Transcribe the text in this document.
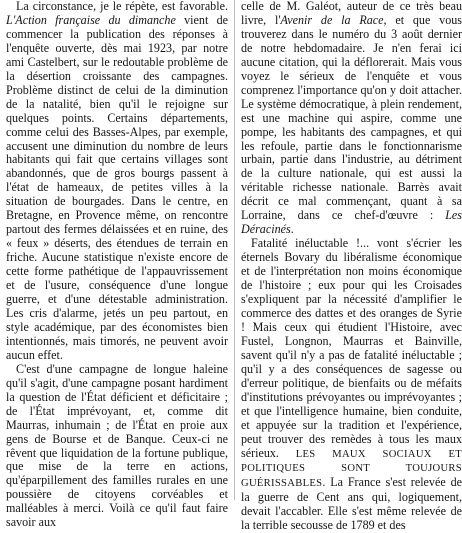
La circonstance, je le répète, est favorable. L'Action française du dimanche vient de commencer la publication des réponses à l'enquête ouverte, dès mai 1923, par notre ami Castelbert, sur le redoutable problème de la désertion croissante des campagnes. Problème distinct de celui de la diminution de la natalité, bien qu'il le rejoigne sur quelques points. Certains départements, comme celui des Basses-Alpes, par exemple, accusent une diminution du nombre de leurs habitants qui fait que certains villages sont abandonnés, que de gros bourgs passent à l'état de hameaux, de petites villes à la situation de bourgades. Dans le centre, en Bretagne, en Provence même, on rencontre partout des fermes délaissées et en ruine, des « feux » déserts, des étendues de terrain en friche. Aucune statistique n'existe encore de cette forme pathétique de l'appauvrissement et de l'usure, conséquence d'une longue guerre, et d'une détestable administration. Les cris d'alarme, jetés un peu partout, en style académique, par des économistes bien intentionnés, mais timorés, ne peuvent avoir aucun effet.

C'est d'une campagne de longue haleine qu'il s'agit, d'une campagne posant hardiment la question de l'État déficient et déficitaire ; de l'État imprévoyant, et, comme dit Maurras, inhumain ; de l'État en proie aux gens de Bourse et de Banque. Ceux-ci ne rêvent que liquidation de la fortune publique, que mise de la terre en actions, qu'éparpillement des familles rurales en une poussière de citoyens corvéables et malléables à merci. Voilà ce qu'il faut faire savoir aux

celle de M. Galéot, auteur de ce très beau livre, l'Avenir de la Race, et que vous trouverez dans le numéro du 3 août dernier de notre hebdomadaire. Je n'en ferai ici aucune citation, qui la déflorerait. Mais vous voyez le sérieux de l'enquête et vous comprenez l'importance qu'on y doit attacher. Le système démocratique, à plein rendement, est une machine qui aspire, comme une pompe, les habitants des campagnes, et qui les refoule, partie dans le fonctionnarisme urbain, partie dans l'industrie, au détriment de la culture nationale, qui est aussi la véritable richesse nationale. Barrès avait décrit ce mal commençant, quant à sa Lorraine, dans ce chef-d'œuvre : Les Déracinés.

Fatalité inéluctable !... vont s'écrier les éternels Bovary du libéralisme économique et de l'interprétation non moins économique de l'histoire ; eux pour qui les Croisades s'expliquent par la nécessité d'amplifier le commerce des dattes et des oranges de Syrie ! Mais ceux qui étudient l'Histoire, avec Fustel, Longnon, Maurras et Bainville, savent qu'il n'y a pas de fatalité inéluctable ; qu'il y a des conséquences de sagesse ou d'erreur politique, de bienfaits ou de méfaits d'institutions prévoyantes ou imprévoyantes ; et que l'intelligence humaine, bien conduite, et appuyée sur la tradition et l'expérience, peut trouver des remèdes à tous les maux sérieux. LES MAUX SOCIAUX ET POLITIQUES SONT TOUJOURS GUÉRISSABLES. La France s'est relevée de la guerre de Cent ans qui, logiquement, devait l'accabler. Elle s'est même relevée de la terrible secousse de 1789 et des
